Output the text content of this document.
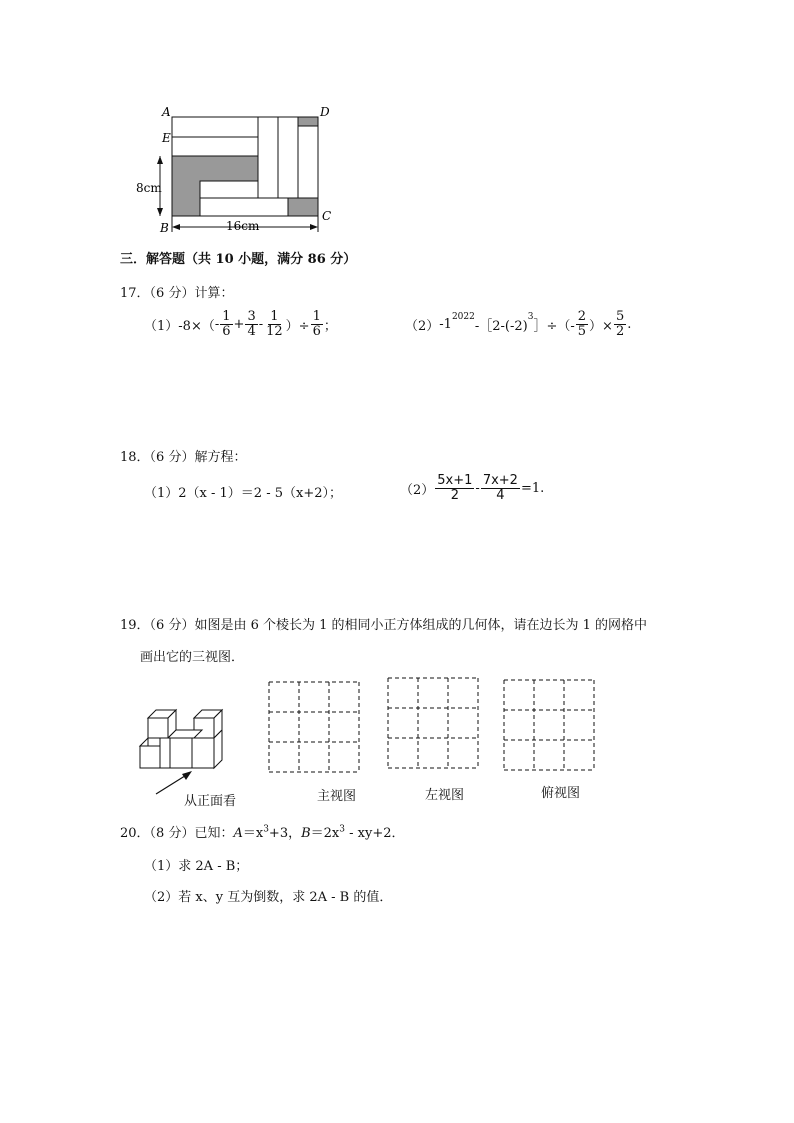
A	D
E
B
C
8cm
16cm
三．解答题（共 10 小题，满分 86 分）
17．（6 分）计算：
（1） $-8\times( - \frac{1}{6} + \frac{3}{4} - \frac{1}{12}$ ）÷ $\frac{1}{6}$ ；	（2） $-1^{2022}$
-［2-(-2)
$^3$
］÷（- $\frac{2}{5}$ ）× $\frac{5}{2}$ .
18．（6 分）解方程：
（1）2（x - 1）＝2 - 5（x+2）；	$(2) \frac{5x+1}{2} - \frac{7x+2}{4} =1$.
19．（6 分）如图是由 6 个棱长为 1 的相同小正方体组成的几何体，请在边长为 1 的网格中
画出它的三视图．
从正面看	主视图	左视图	俯视图
20．（8 分）已知：$A=x^3+3$，$B=2x^3 - xy+2$．
（1）求 2A - B；
（2）若 x、y 互为倒数，求 2A - B 的值．
